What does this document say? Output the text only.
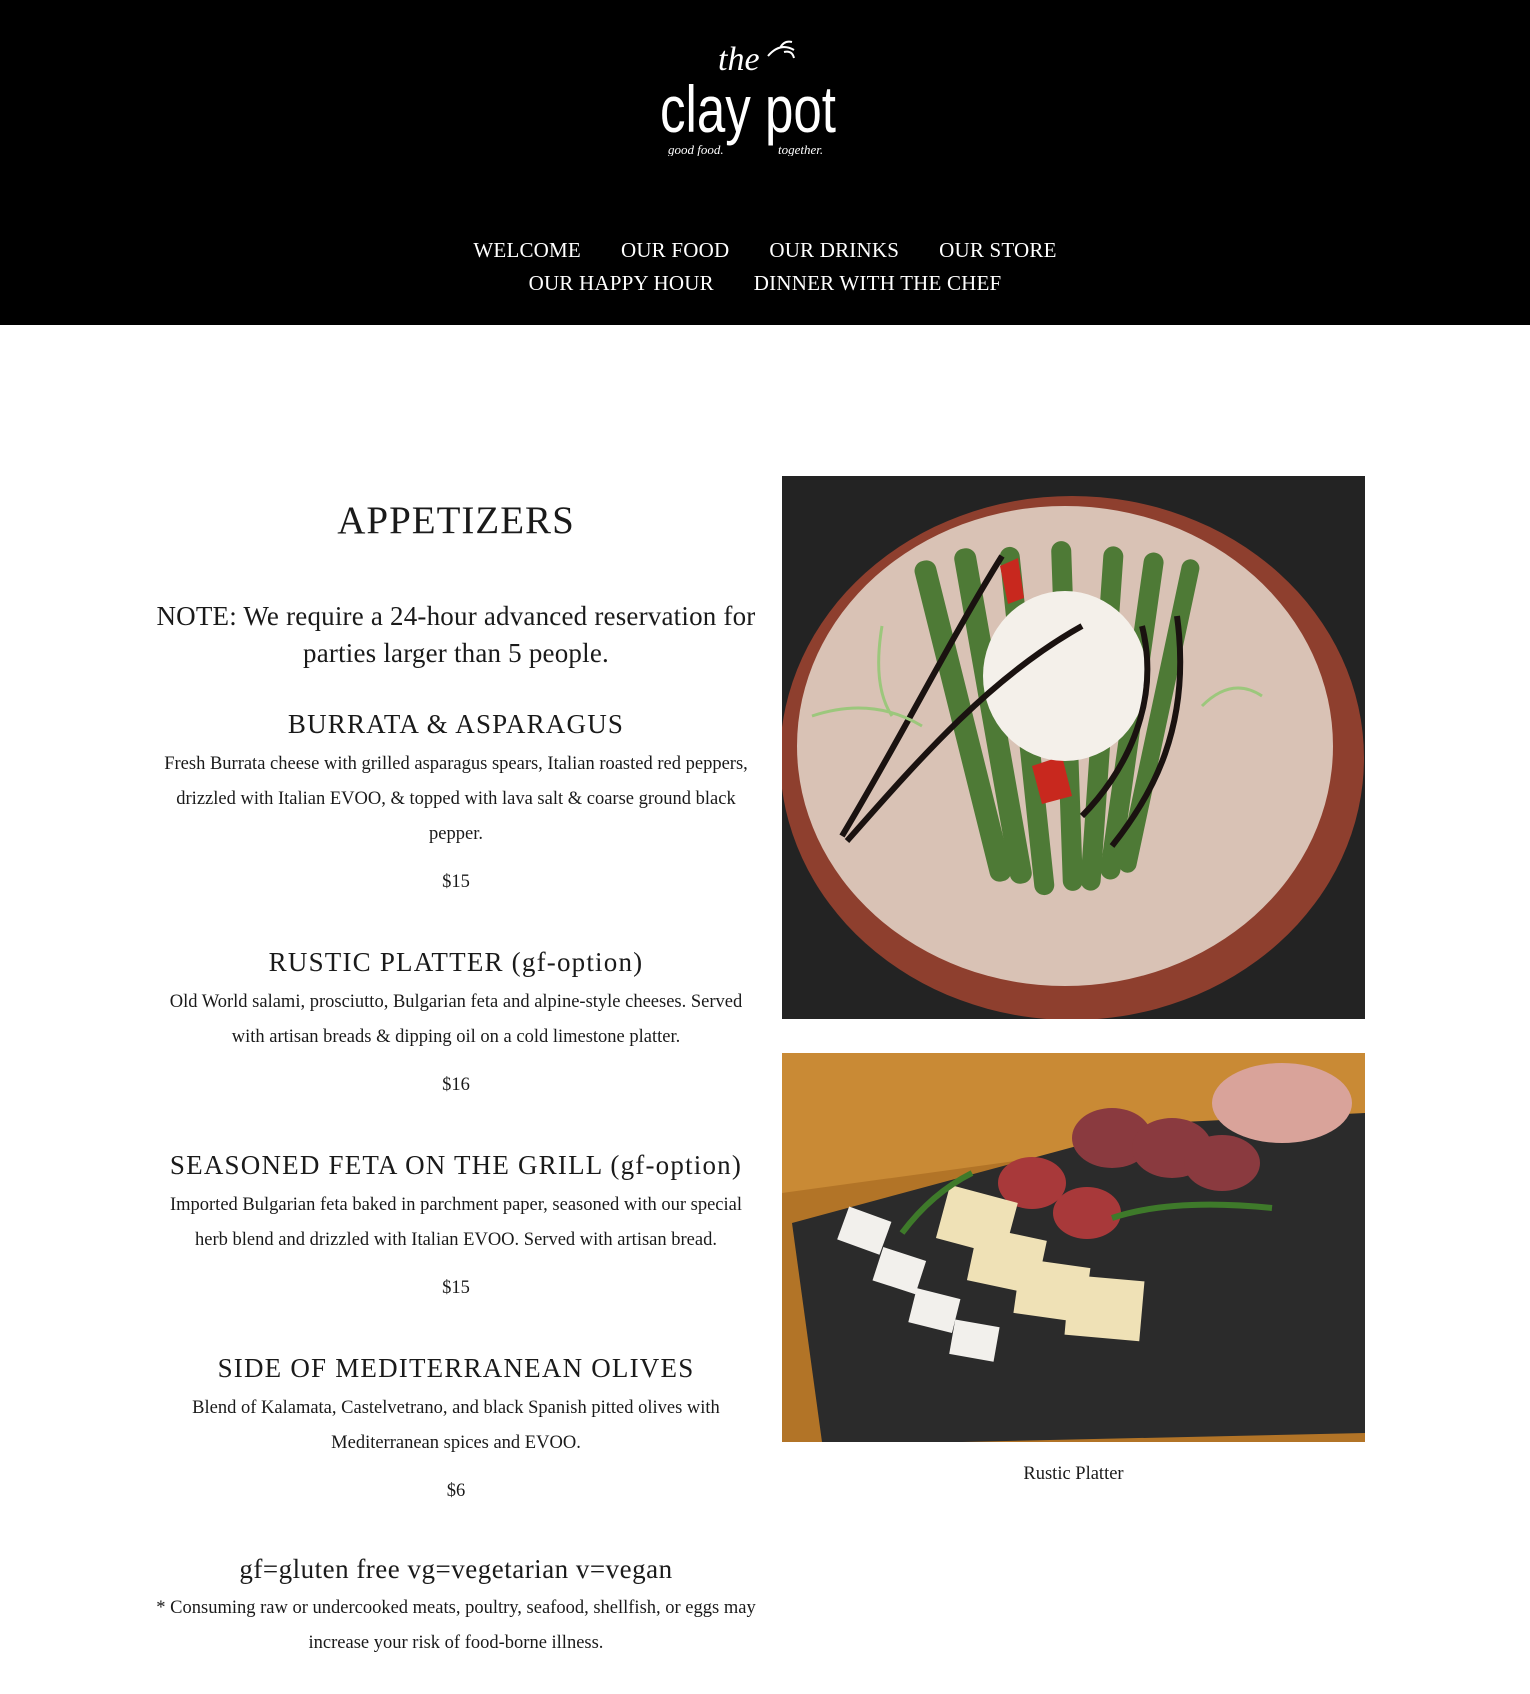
the
clay pot
good food.	together.
WELCOME OUR FOOD OUR DRINKS OUR STORE
OUR HAPPY HOUR DINNER WITH THE CHEF
APPETIZERS
NOTE: We require a 24-hour advanced reservation for parties larger than 5 people.
BURRATA & ASPARAGUS
Fresh Burrata cheese with grilled asparagus spears, Italian roasted red peppers, drizzled with Italian EVOO, & topped with lava salt & coarse ground black pepper.
$15
RUSTIC PLATTER (gf-option)
Old World salami, prosciutto, Bulgarian feta and alpine-style cheeses. Served with artisan breads & dipping oil on a cold limestone platter.
$16
SEASONED FETA ON THE GRILL (gf-option)
Imported Bulgarian feta baked in parchment paper, seasoned with our special herb blend and drizzled with Italian EVOO. Served with artisan bread.
$15
SIDE OF MEDITERRANEAN OLIVES
Blend of Kalamata, Castelvetrano, and black Spanish pitted olives with Mediterranean spices and EVOO.
$6
gf=gluten free vg=vegetarian v=vegan
* Consuming raw or undercooked meats, poultry, seafood, shellfish, or eggs may increase your risk of food-borne illness.
Rustic Platter
